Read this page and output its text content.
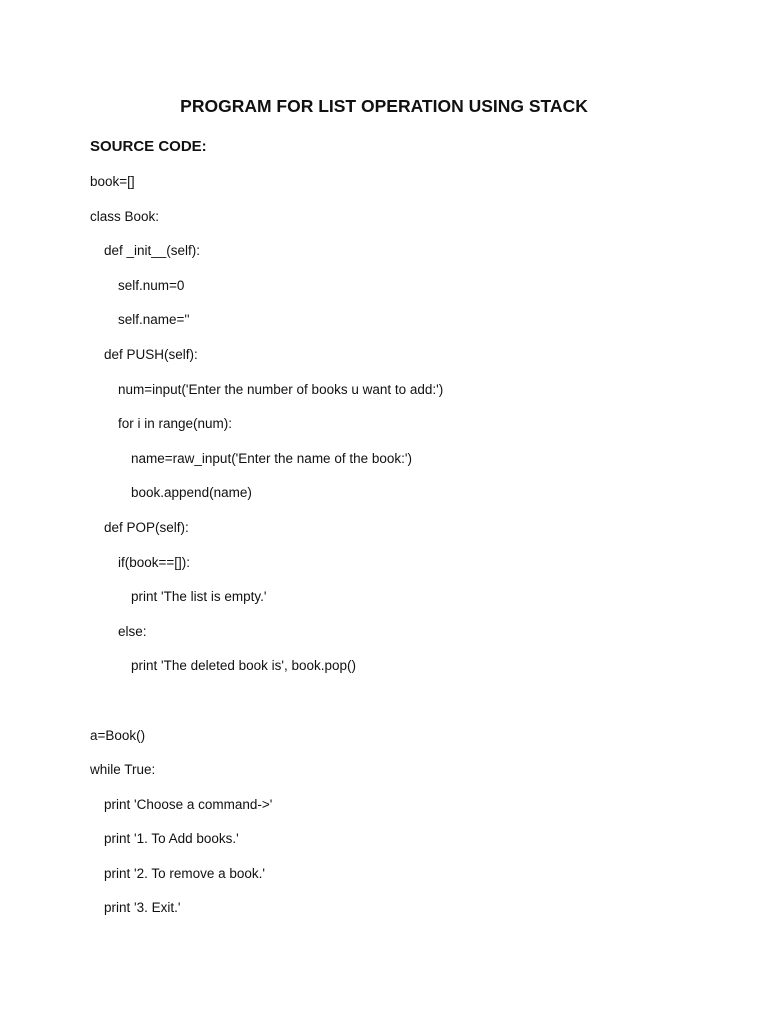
PROGRAM FOR LIST OPERATION USING STACK
SOURCE CODE:
book=[]
class Book:
def _init__(self):
self.num=0
self.name=''
def PUSH(self):
num=input('Enter the number of books u want to add:')
for i in range(num):
name=raw_input('Enter the name of the book:')
book.append(name)
def POP(self):
if(book==[]):
print 'The list is empty.'
else:
print 'The deleted book is', book.pop()
a=Book()
while True:
print 'Choose a command->'
print '1. To Add books.'
print '2. To remove a book.'
print '3. Exit.'
